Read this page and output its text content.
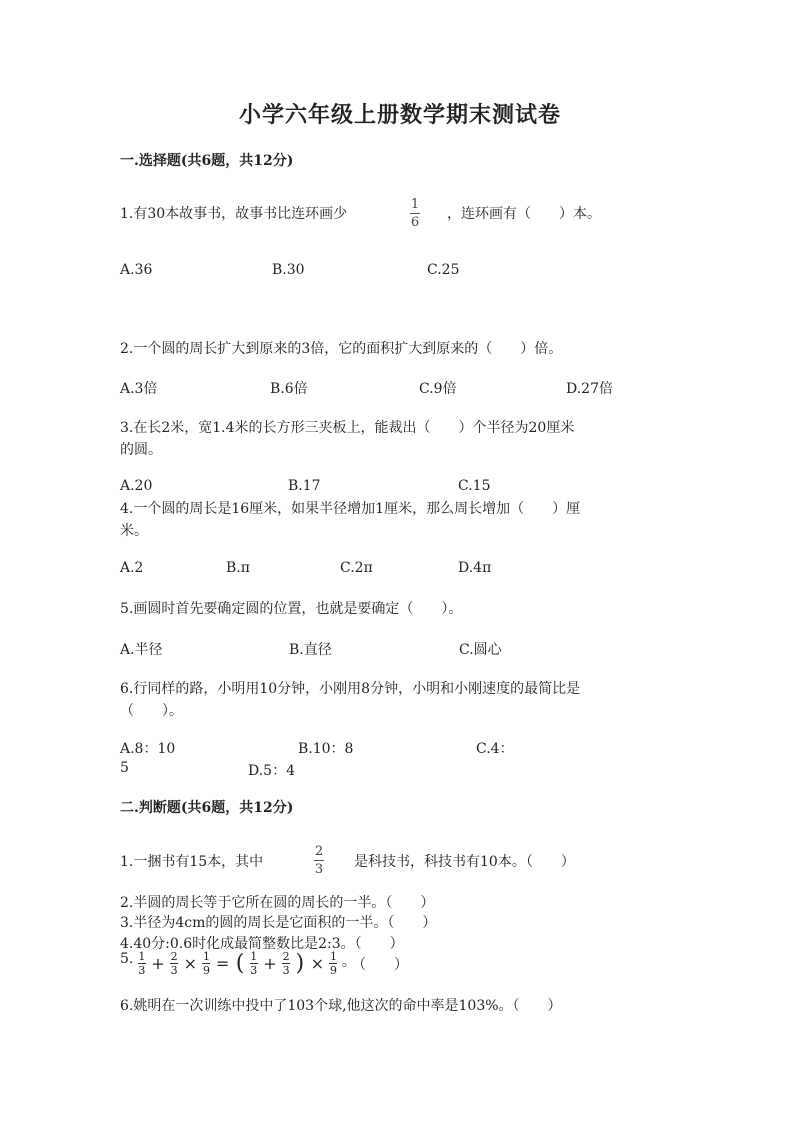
小学六年级上册数学期末测试卷
一.选择题(共6题，共12分)
1.有30本故事书，故事书比连环画少
1
6
，连环画有（　　）本。
A.36	B.30	C.25
2.一个圆的周长扩大到原来的3倍，它的面积扩大到原来的（　　）倍。
A.3倍	B.6倍	C.9倍	D.27倍
3.在长2米，宽1.4米的长方形三夹板上，能裁出（　　）个半径为20厘米
的圆。
A.20	B.17	C.15
4.一个圆的周长是16厘米，如果半径增加1厘米，那么周长增加（　　）厘
米。
A.2	B.π	C.2π	D.4π
5.画圆时首先要确定圆的位置，也就是要确定（　　）。
A.半径	B.直径	C.圆心
6.行同样的路，小明用10分钟，小刚用8分钟，小明和小刚速度的最简比是
（　　）。
A.8：10	B.10：8	C.4：
5	D.5：4
二.判断题(共6题，共12分)
1.一捆书有15本，其中
2
3 是科技书，科技书有10本。（　　）
2.半圆的周长等于它所在圆的周长的一半。（　　）
3.半径为4cm的圆的周长是它面积的一半。（　　）
4.40分:0.6时化成最简整数比是2:3。（　　）
5. $\frac{1}{3} + \frac{2}{3} \times \frac{1}{9}$ = ( $\frac{1}{3} + \frac{2}{3}$ ) × $\frac{1}{9}$ 。
（　　）
6.姚明在一次训练中投中了103个球,他这次的命中率是103%。（　　）
